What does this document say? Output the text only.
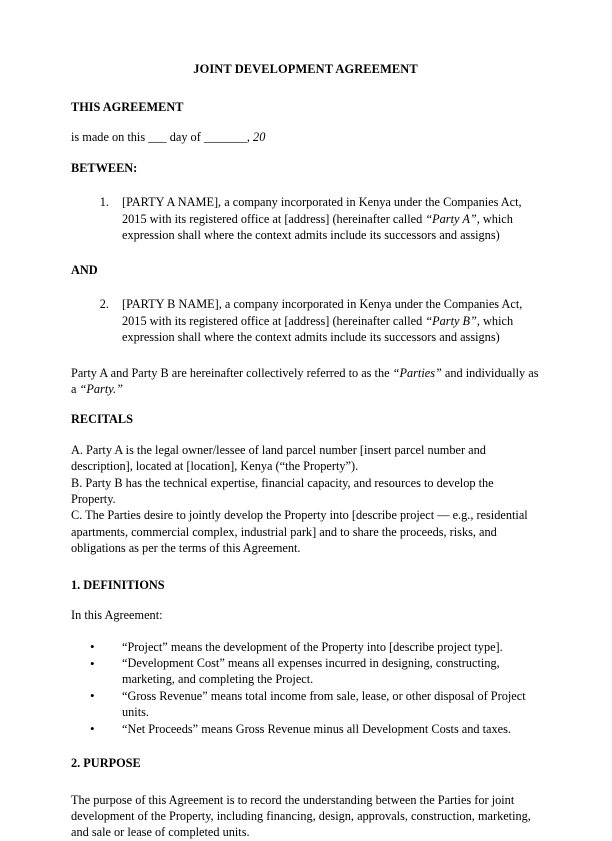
JOINT DEVELOPMENT AGREEMENT
THIS AGREEMENT
is made on this ___ day of _______, 20
BETWEEN:
[PARTY A NAME], a company incorporated in Kenya under the Companies Act, 2015 with its registered office at [address] (hereinafter called “Party A”, which expression shall where the context admits include its successors and assigns)
AND
[PARTY B NAME], a company incorporated in Kenya under the Companies Act, 2015 with its registered office at [address] (hereinafter called “Party B”, which expression shall where the context admits include its successors and assigns)
Party A and Party B are hereinafter collectively referred to as the “Parties” and individually as a “Party.”
RECITALS
A. Party A is the legal owner/lessee of land parcel number [insert parcel number and description], located at [location], Kenya (“the Property”).
B. Party B has the technical expertise, financial capacity, and resources to develop the Property.
C. The Parties desire to jointly develop the Property into [describe project — e.g., residential apartments, commercial complex, industrial park] and to share the proceeds, risks, and obligations as per the terms of this Agreement.
1. DEFINITIONS
In this Agreement:
• “Project” means the development of the Property into [describe project type].
• “Development Cost” means all expenses incurred in designing, constructing, marketing, and completing the Project.
• “Gross Revenue” means total income from sale, lease, or other disposal of Project units.
• “Net Proceeds” means Gross Revenue minus all Development Costs and taxes.
2. PURPOSE
The purpose of this Agreement is to record the understanding between the Parties for joint development of the Property, including financing, design, approvals, construction, marketing, and sale or lease of completed units.
